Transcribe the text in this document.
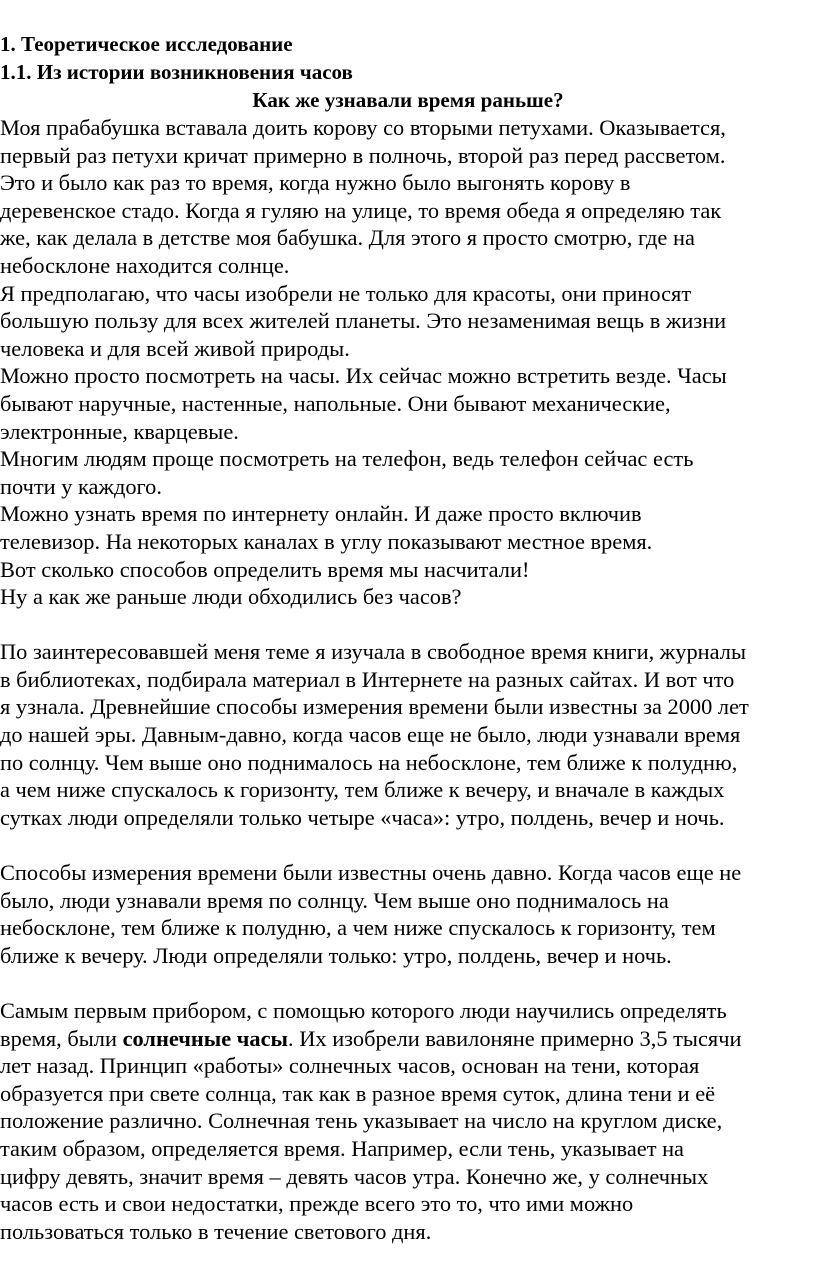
1. Теоретическое исследование
1.1. Из истории возникновения часов
Как же узнавали время раньше?
Моя прабабушка вставала доить корову со вторыми петухами. Оказывается,
первый раз петухи кричат примерно в полночь, второй раз перед рассветом.
Это и было как раз то время, когда нужно было выгонять корову в
деревенское стадо. Когда я гуляю на улице, то время обеда я определяю так
же, как делала в детстве моя бабушка. Для этого я просто смотрю, где на
небосклоне находится солнце.
Я предполагаю, что часы изобрели не только для красоты, они приносят
большую пользу для всех жителей планеты. Это незаменимая вещь в жизни
человека и для всей живой природы.
Можно просто посмотреть на часы. Их сейчас можно встретить везде. Часы
бывают наручные, настенные, напольные. Они бывают механические,
электронные, кварцевые.
Многим людям проще посмотреть на телефон, ведь телефон сейчас есть
почти у каждого.
Можно узнать время по интернету онлайн. И даже просто включив
телевизор. На некоторых каналах в углу показывают местное время.
Вот сколько способов определить время мы насчитали!
Ну а как же раньше люди обходились без часов?
По заинтересовавшей меня теме я изучала в свободное время книги, журналы
в библиотеках, подбирала материал в Интернете на разных сайтах. И вот что
я узнала. Древнейшие способы измерения времени были известны за 2000 лет
до нашей эры. Давным-давно, когда часов еще не было, люди узнавали время
по солнцу. Чем выше оно поднималось на небосклоне, тем ближе к полудню,
а чем ниже спускалось к горизонту, тем ближе к вечеру, и вначале в каждых
сутках люди определяли только четыре «часа»: утро, полдень, вечер и ночь.
Способы измерения времени были известны очень давно. Когда часов еще не
было, люди узнавали время по солнцу. Чем выше оно поднималось на
небосклоне, тем ближе к полудню, а чем ниже спускалось к горизонту, тем
ближе к вечеру. Люди определяли только: утро, полдень, вечер и ночь.
Самым первым прибором, с помощью которого люди научились определять
время, были солнечные часы. Их изобрели вавилоняне примерно 3,5 тысячи
лет назад. Принцип «работы» солнечных часов, основан на тени, которая
образуется при свете солнца, так как в разное время суток, длина тени и её
положение различно. Солнечная тень указывает на число на круглом диске,
таким образом, определяется время. Например, если тень, указывает на
цифру девять, значит время – девять часов утра. Конечно же, у солнечных
часов есть и свои недостатки, прежде всего это то, что ими можно
пользоваться только в течение светового дня.
